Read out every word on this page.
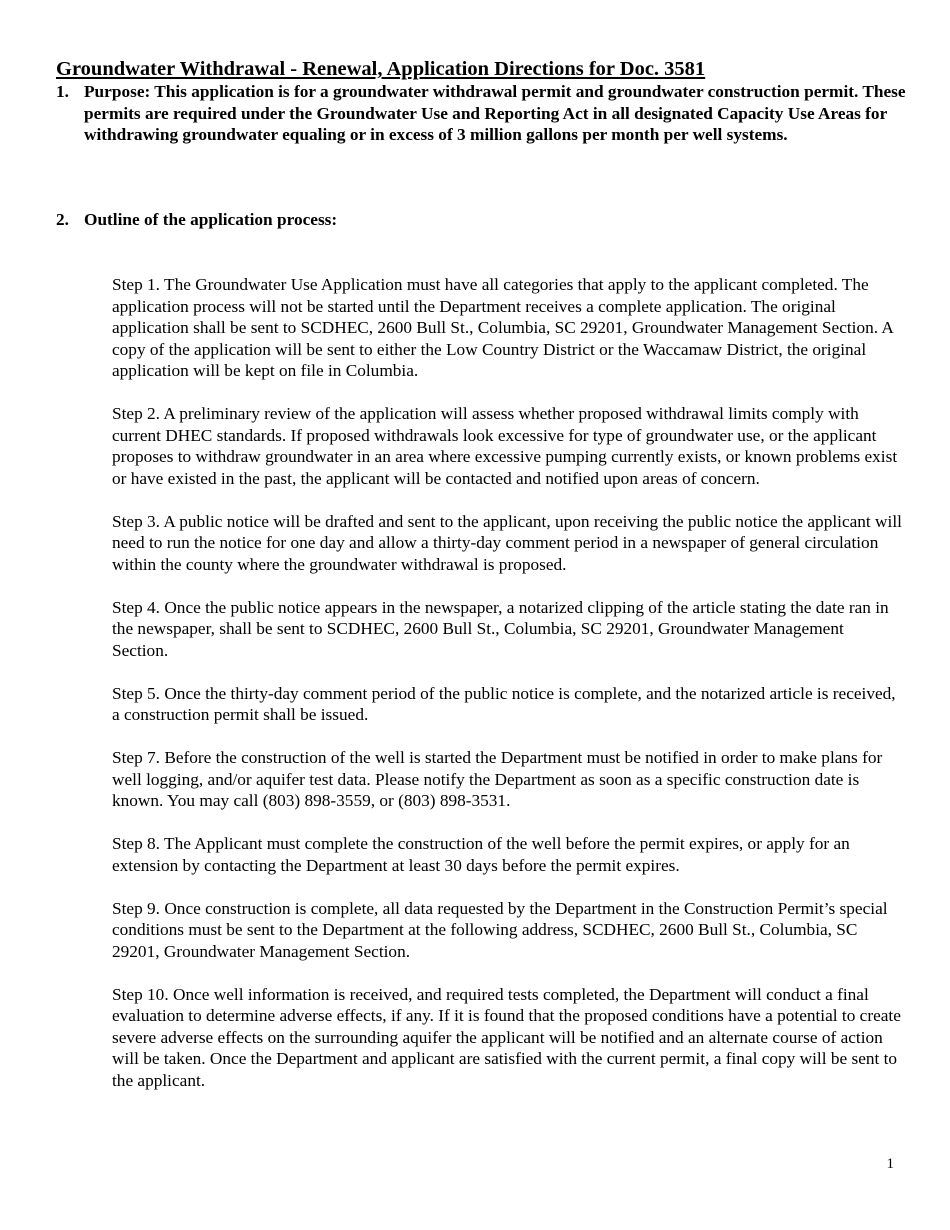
Groundwater Withdrawal - Renewal, Application Directions for Doc. 3581
1. Purpose: This application is for a groundwater withdrawal permit and groundwater construction permit. These permits are required under the Groundwater Use and Reporting Act in all designated Capacity Use Areas for withdrawing groundwater equaling or in excess of 3 million gallons per month per well systems.
2. Outline of the application process:

Step 1. The Groundwater Use Application must have all categories that apply to the applicant completed. The application process will not be started until the Department receives a complete application. The original application shall be sent to SCDHEC, 2600 Bull St., Columbia, SC 29201, Groundwater Management Section. A copy of the application will be sent to either the Low Country District or the Waccamaw District, the original application will be kept on file in Columbia.

Step 2. A preliminary review of the application will assess whether proposed withdrawal limits comply with current DHEC standards. If proposed withdrawals look excessive for type of groundwater use, or the applicant proposes to withdraw groundwater in an area where excessive pumping currently exists, or known problems exist or have existed in the past, the applicant will be contacted and notified upon areas of concern.

Step 3. A public notice will be drafted and sent to the applicant, upon receiving the public notice the applicant will need to run the notice for one day and allow a thirty-day comment period in a newspaper of general circulation within the county where the groundwater withdrawal is proposed.

Step 4. Once the public notice appears in the newspaper, a notarized clipping of the article stating the date ran in the newspaper, shall be sent to SCDHEC, 2600 Bull St., Columbia, SC 29201, Groundwater Management Section.

Step 5. Once the thirty-day comment period of the public notice is complete, and the notarized article is received, a construction permit shall be issued.

Step 7. Before the construction of the well is started the Department must be notified in order to make plans for well logging, and/or aquifer test data. Please notify the Department as soon as a specific construction date is known. You may call (803) 898-3559, or (803) 898-3531.

Step 8. The Applicant must complete the construction of the well before the permit expires, or apply for an extension by contacting the Department at least 30 days before the permit expires.

Step 9. Once construction is complete, all data requested by the Department in the Construction Permit’s special conditions must be sent to the Department at the following address, SCDHEC, 2600 Bull St., Columbia, SC 29201, Groundwater Management Section.

Step 10. Once well information is received, and required tests completed, the Department will conduct a final evaluation to determine adverse effects, if any. If it is found that the proposed conditions have a potential to create severe adverse effects on the surrounding aquifer the applicant will be notified and an alternate course of action will be taken. Once the Department and applicant are satisfied with the current permit, a final copy will be sent to the applicant.

1
